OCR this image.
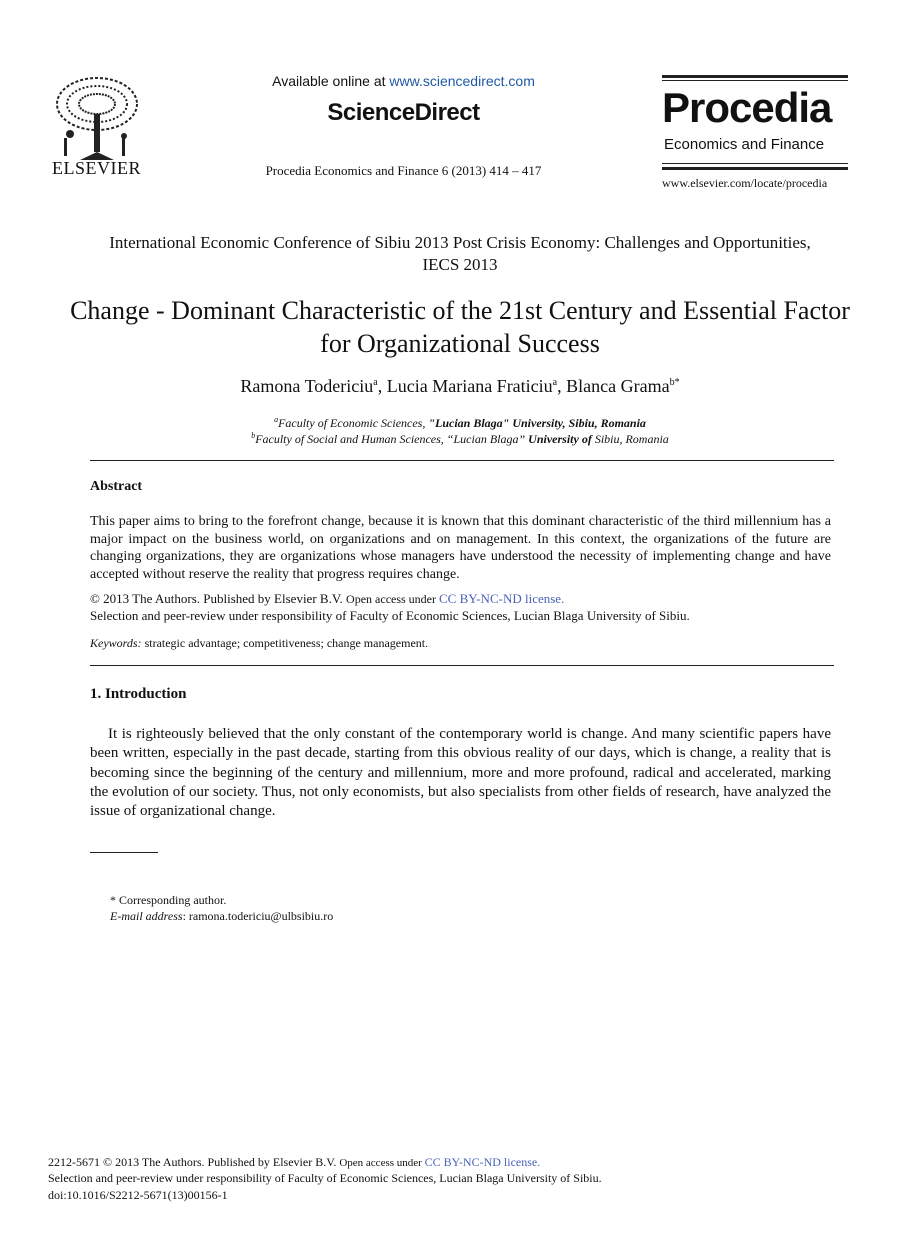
ELSEVIER
Available online at www.sciencedirect.com
ScienceDirect
Procedia Economics and Finance 6 (2013) 414 – 417
Procedia
Economics and Finance
www.elsevier.com/locate/procedia
International Economic Conference of Sibiu 2013 Post Crisis Economy: Challenges and Opportunities, IECS 2013
Change - Dominant Characteristic of the 21st Century and Essential Factor for Organizational Success
Ramona Todericiu$^a$, Lucia Mariana Fraticiu$^a$, Blanca Grama$^{b*}$
$^a$Faculty of Economic Sciences, "Lucian Blaga" University, Sibiu, Romania
$^b$Faculty of Social and Human Sciences, “Lucian Blaga” University of Sibiu, Romania
Abstract
This paper aims to bring to the forefront change, because it is known that this dominant characteristic of the third millennium has a major impact on the business world, on organizations and on management. In this context, the organizations of the future are changing organizations, they are organizations whose managers have understood the necessity of implementing change and have accepted without reserve the reality that progress requires change.
© 2013 The Authors. Published by Elsevier B.V. Open access under CC BY-NC-ND license.
Selection and peer-review under responsibility of Faculty of Economic Sciences, Lucian Blaga University of Sibiu.
Keywords: strategic advantage; competitiveness; change management.
1. Introduction
It is righteously believed that the only constant of the contemporary world is change. And many scientific papers have been written, especially in the past decade, starting from this obvious reality of our days, which is change, a reality that is becoming since the beginning of the century and millennium, more and more profound, radical and accelerated, marking the evolution of our society. Thus, not only economists, but also specialists from other fields of research, have analyzed the issue of organizational change.
* Corresponding author.
E-mail address: ramona.todericiu@ulbsibiu.ro
2212-5671 © 2013 The Authors. Published by Elsevier B.V. Open access under CC BY-NC-ND license.
Selection and peer-review under responsibility of Faculty of Economic Sciences, Lucian Blaga University of Sibiu.
doi:10.1016/S2212-5671(13)00156-1
